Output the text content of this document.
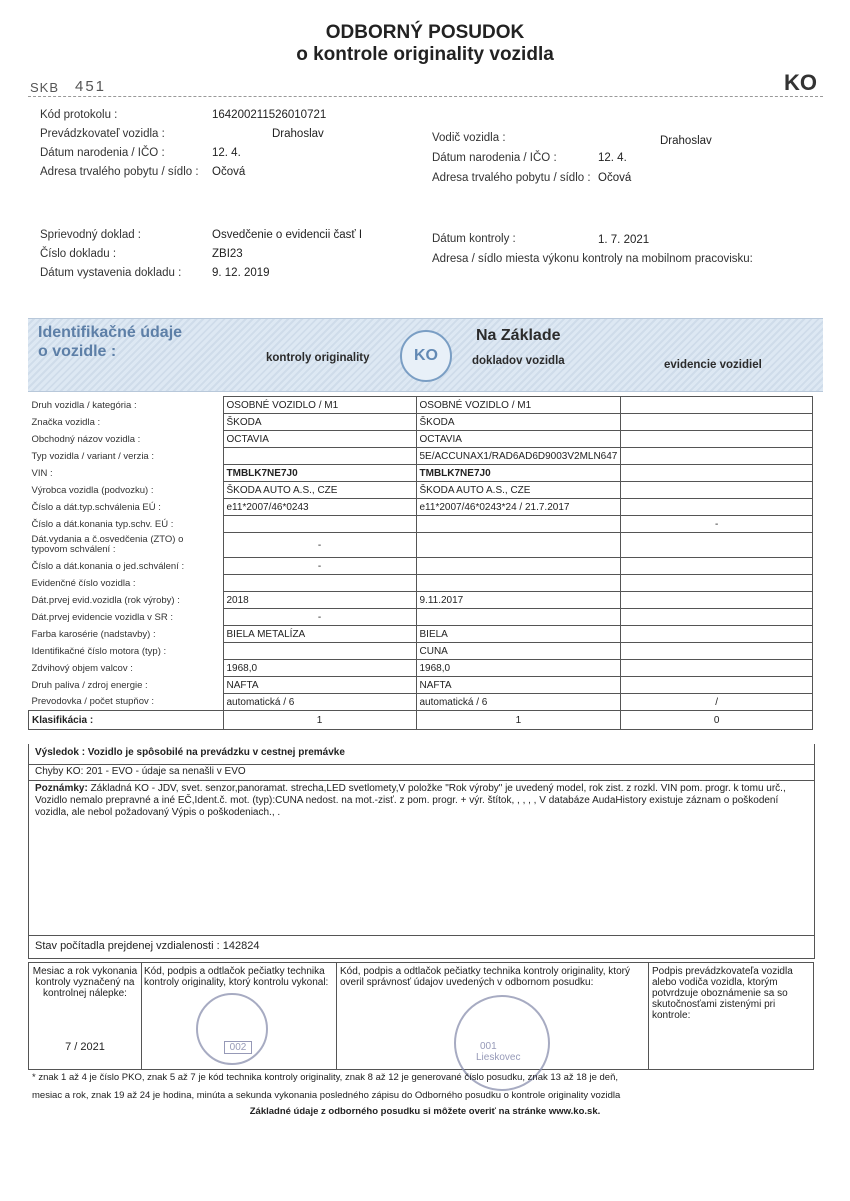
ODBORNÝ POSUDOK
o kontrole originality vozidla
SKB 451	KO
Kód protokolu :	164200211526010721
Prevádzkovateľ vozidla :	Drahoslav
Dátum narodenia / IČO :	12. 4.
Adresa trvalého pobytu / sídlo : Očová
Vodič vozidla :	Drahoslav
Dátum narodenia / IČO :	12. 4.
Adresa trvalého pobytu / sídlo : Očová
Sprievodný doklad :	Osvedčenie o evidencii časť I
Číslo dokladu :	ZBI23
Dátum vystavenia dokladu :	9. 12. 2019
Dátum kontroly :	1. 7. 2021
Adresa / sídlo miesta výkonu kontroly na mobilnom pracovisku:
Identifikačné údaje
o vozidle :	kontroly originality	KO
Na Základe
dokladov vozidla	evidencie vozidiel
Druh vozidla / kategória :	OSOBNÉ VOZIDLO / M1	OSOBNÉ VOZIDLO / M1	
Značka vozidla :	ŠKODA	ŠKODA	
Obchodný názov vozidla :	OCTAVIA	OCTAVIA	
Typ vozidla / variant / verzia :		5E/ACCUNAX1/RAD6AD6D9003V2MLN647	
VIN :	TMBLK7NE7J0	TMBLK7NE7J0	
Výrobca vozidla (podvozku) :	ŠKODA AUTO A.S., CZE	ŠKODA AUTO A.S., CZE	
Číslo a dát.typ.schválenia EÚ :	e11*2007/46*0243	e11*2007/46*0243*24 / 21.7.2017	
Číslo a dát.konania typ.schv. EÚ :			-
Dát.vydania a č.osvedčenia (ZTO) o typovom schválení :	-		
Číslo a dát.konania o jed.schválení :	-		
Evidenčné číslo vozidla :			
Dát.prvej evid.vozidla (rok výroby) :	2018	9.11.2017	
Dát.prvej evidencie vozidla v SR :	-		
Farba karosérie (nadstavby) :	BIELA METALÍZA	BIELA	
Identifikačné číslo motora (typ) :		CUNA	
Zdvihový objem valcov :	1968,0	1968,0	
Druh paliva / zdroj energie :	NAFTA	NAFTA	
Prevodovka / počet stupňov :	automatická / 6	automatická / 6	/
Klasifikácia :	1	1	0
Výsledok : Vozidlo je spôsobilé na prevádzku v cestnej premávke
Chyby KO: 201 - EVO - údaje sa nenašli v EVO
Poznámky: Základná KO - JDV, svet. senzor,panoramat. strecha,LED svetlomety,V položke "Rok výroby" je uvedený model, rok zist. z rozkl. VIN pom. progr. k tomu urč., Vozidlo nemalo prepravné a iné EČ,Ident.č. mot. (typ):CUNA nedost. na mot.-zisť. z pom. progr. + výr. štítok, , , , , V databáze AudaHistory existuje záznam o poškodení vozidla, ale nebol požadovaný Výpis o poškodeniach., .
Stav počítadla prejdenej vzdialenosti : 142824
Mesiac a rok vykonania kontroly vyznačený na kontrolnej nálepke:
7 / 2021
Kód, podpis a odtlačok pečiatky technika kontroly originality, ktorý kontrolu vykonal:
002
Kód, podpis a odtlačok pečiatky technika kontroly originality, ktorý overil správnosť údajov uvedených v odbornom posudku:
001
Lieskovec
Podpis prevádzkovateľa vozidla alebo vodiča vozidla, ktorým potvrdzuje oboznámenie sa so skutočnosťami zistenými pri kontrole:
* znak 1 až 4 je číslo PKO, znak 5 až 7 je kód technika kontroly originality, znak 8 až 12 je generované číslo posudku, znak 13 až 18 je deň,
mesiac a rok, znak 19 až 24 je hodina, minúta a sekunda vykonania posledného zápisu do Odborného posudku o kontrole originality vozidla
Základné údaje z odborného posudku si môžete overiť na stránke www.ko.sk.
